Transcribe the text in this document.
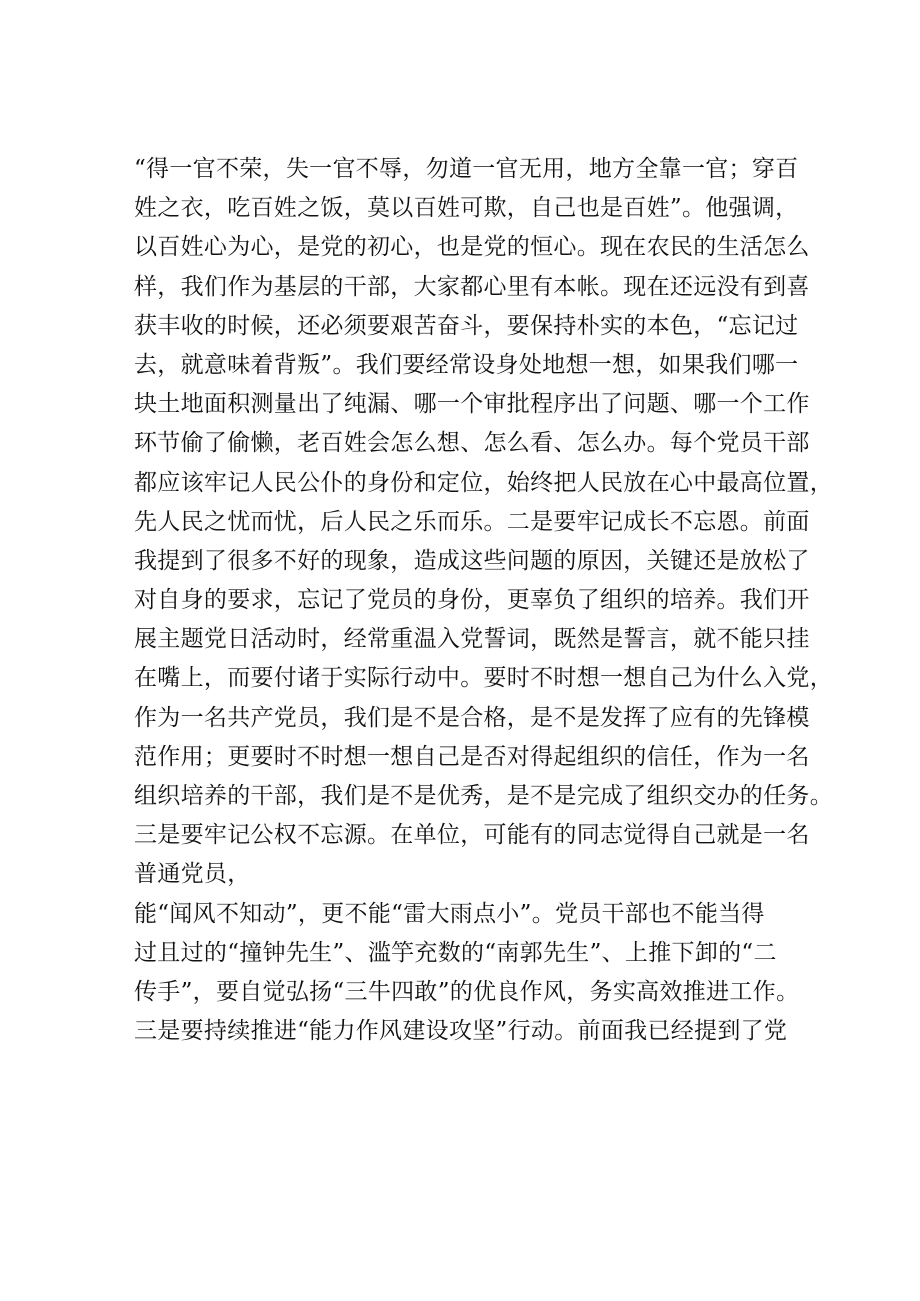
“得一官不荣，失一官不辱，勿道一官无用，地方全靠一官；穿百
姓之衣，吃百姓之饭，莫以百姓可欺，自己也是百姓”。他强调，
以百姓心为心，是党的初心，也是党的恒心。现在农民的生活怎么
样，我们作为基层的干部，大家都心里有本帐。现在还远没有到喜
获丰收的时候，还必须要艰苦奋斗，要保持朴实的本色，“忘记过
去，就意味着背叛”。我们要经常设身处地想一想，如果我们哪一
块土地面积测量出了纯漏、哪一个审批程序出了问题、哪一个工作
环节偷了偷懒，老百姓会怎么想、怎么看、怎么办。每个党员干部
都应该牢记人民公仆的身份和定位，始终把人民放在心中最高位置，
先人民之忧而忧，后人民之乐而乐。二是要牢记成长不忘恩。前面
我提到了很多不好的现象，造成这些问题的原因，关键还是放松了
对自身的要求，忘记了党员的身份，更辜负了组织的培养。我们开
展主题党日活动时，经常重温入党誓词，既然是誓言，就不能只挂
在嘴上，而要付诸于实际行动中。要时不时想一想自己为什么入党，
作为一名共产党员，我们是不是合格，是不是发挥了应有的先锋模
范作用；更要时不时想一想自己是否对得起组织的信任，作为一名
组织培养的干部，我们是不是优秀，是不是完成了组织交办的任务。
三是要牢记公权不忘源。在单位，可能有的同志觉得自己就是一名
普通党员，
能“闻风不知动”，更不能“雷大雨点小”。党员干部也不能当得
过且过的“撞钟先生”、滥竽充数的“南郭先生”、上推下卸的“二
传手”，要自觉弘扬“三牛四敢”的优良作风，务实高效推进工作。
三是要持续推进“能力作风建设攻坚”行动。前面我已经提到了党
